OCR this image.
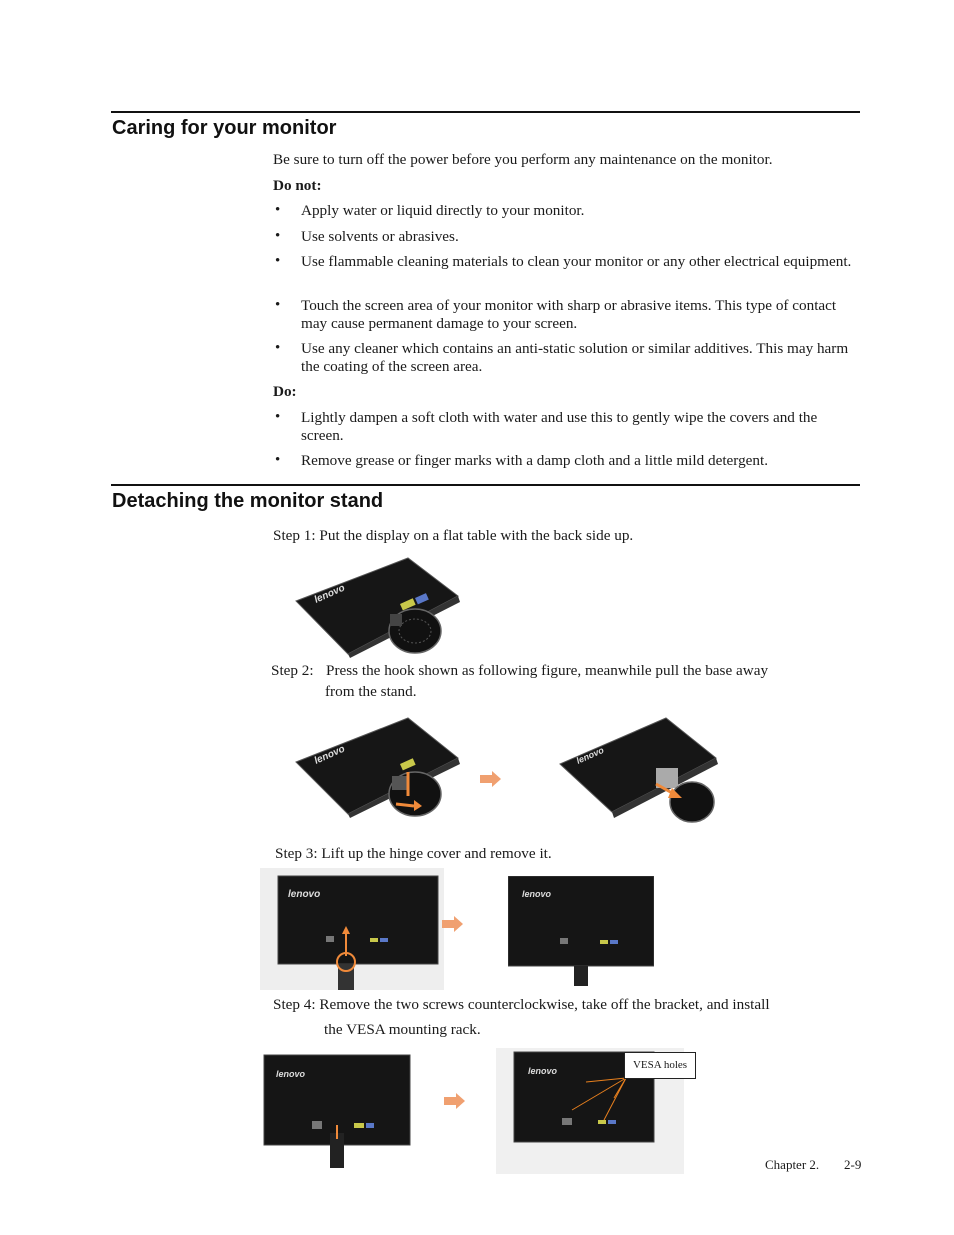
Caring for your monitor

Be sure to turn off the power before you perform any maintenance on the monitor.

Do not:

• Apply water or liquid directly to your monitor.
• Use solvents or abrasives.
• Use flammable cleaning materials to clean your monitor or any other electrical equipment.
• Touch the screen area of your monitor with sharp or abrasive items. This type of contact may cause permanent damage to your screen.
• Use any cleaner which contains an anti-static solution or similar additives. This may harm the coating of the screen area.

Do:

• Lightly dampen a soft cloth with water and use this to gently wipe the covers and the screen.
• Remove grease or finger marks with a damp cloth and a little mild detergent.
Detaching the monitor stand

Step 1: Put the display on a flat table with the back side up.

lenovo

Step 2: Press the hook shown as following figure, meanwhile pull the base away

from the stand.

lenovo	lenovo

Step 3: Lift up the hinge cover and remove it.

lenovo	lenovo

Step 4: Remove the two screws counterclockwise, take off the bracket, and install

the VESA mounting rack.

lenovo	lenovo	VESA holes
Chapter 2. 2-9
